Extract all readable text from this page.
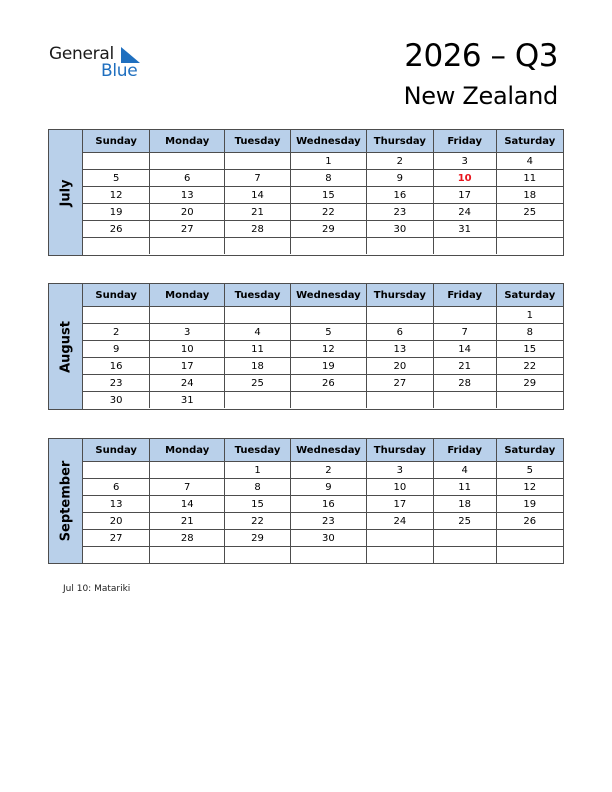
General
Blue	2026 – Q3
New Zealand
July
Sunday	Monday	Tuesday	Wednesday	Thursday	Friday	Saturday
			1	2	3	4
5	6	7	8	9	10	11
12	13	14	15	16	17	18
19	20	21	22	23	24	25
26	27	28	29	30	31	

August
Sunday	Monday	Tuesday	Wednesday	Thursday	Friday	Saturday
						1
2	3	4	5	6	7	8
9	10	11	12	13	14	15
16	17	18	19	20	21	22
23	24	25	26	27	28	29
30	31					
September
Sunday	Monday	Tuesday	Wednesday	Thursday	Friday	Saturday
		1	2	3	4	5
6	7	8	9	10	11	12
13	14	15	16	17	18	19
20	21	22	23	24	25	26
27	28	29	30			

Jul 10: Matariki
